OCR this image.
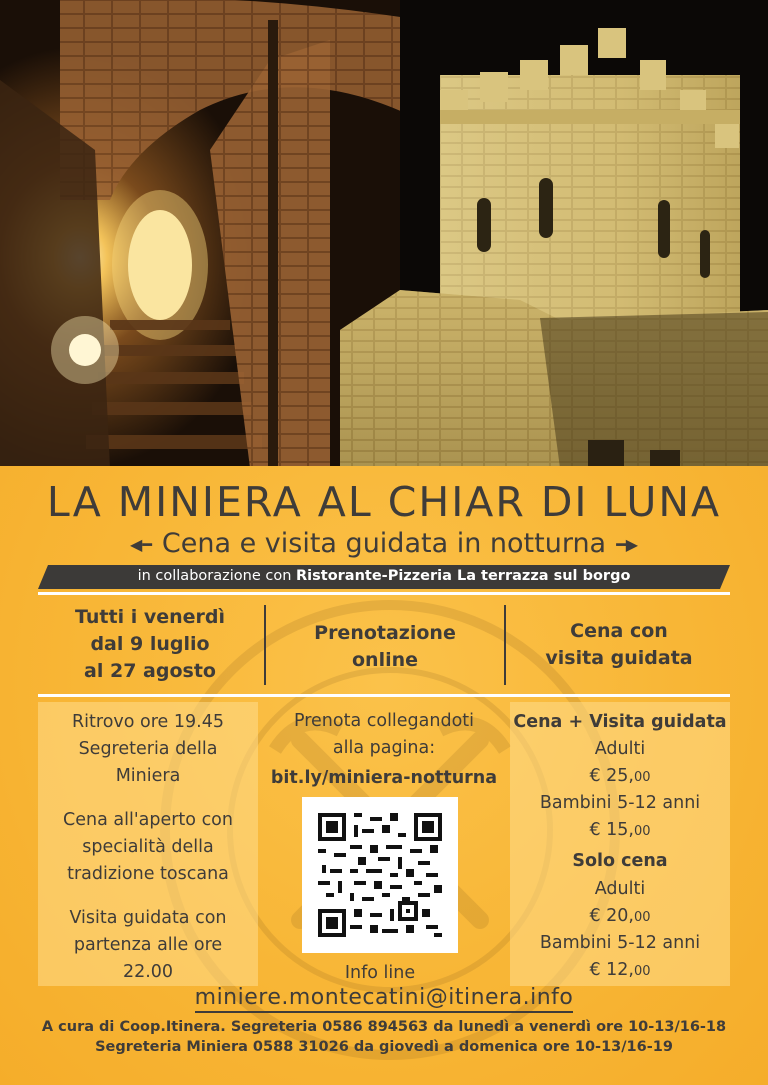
LA MINIERA AL CHIAR DI LUNA
◀━ Cena e visita guidata in notturna ━▶
in collaborazione con Ristorante-Pizzeria La terrazza sul borgo
Tutti i venerdì
dal 9 luglio
al 27 agosto
Prenotazione
online
Cena con
visita guidata
Ritrovo ore 19.45
Segreteria della
Miniera
Cena all'aperto con
specialità della
tradizione toscana
Visita guidata con
partenza alle ore
22.00
Prenota collegandoti
alla pagina:
bit.ly/miniera-notturna
Info line
Cena + Visita guidata
Adulti
€ 25,00
Bambini 5-12 anni
€ 15,00
Solo cena
Adulti
€ 20,00
Bambini 5-12 anni
€ 12,00
miniere.montecatini@itinera.info
A cura di Coop.Itinera. Segreteria 0586 894563 da lunedì a venerdì ore 10-13/16-18
Segreteria Miniera 0588 31026 da giovedì a domenica ore 10-13/16-19
